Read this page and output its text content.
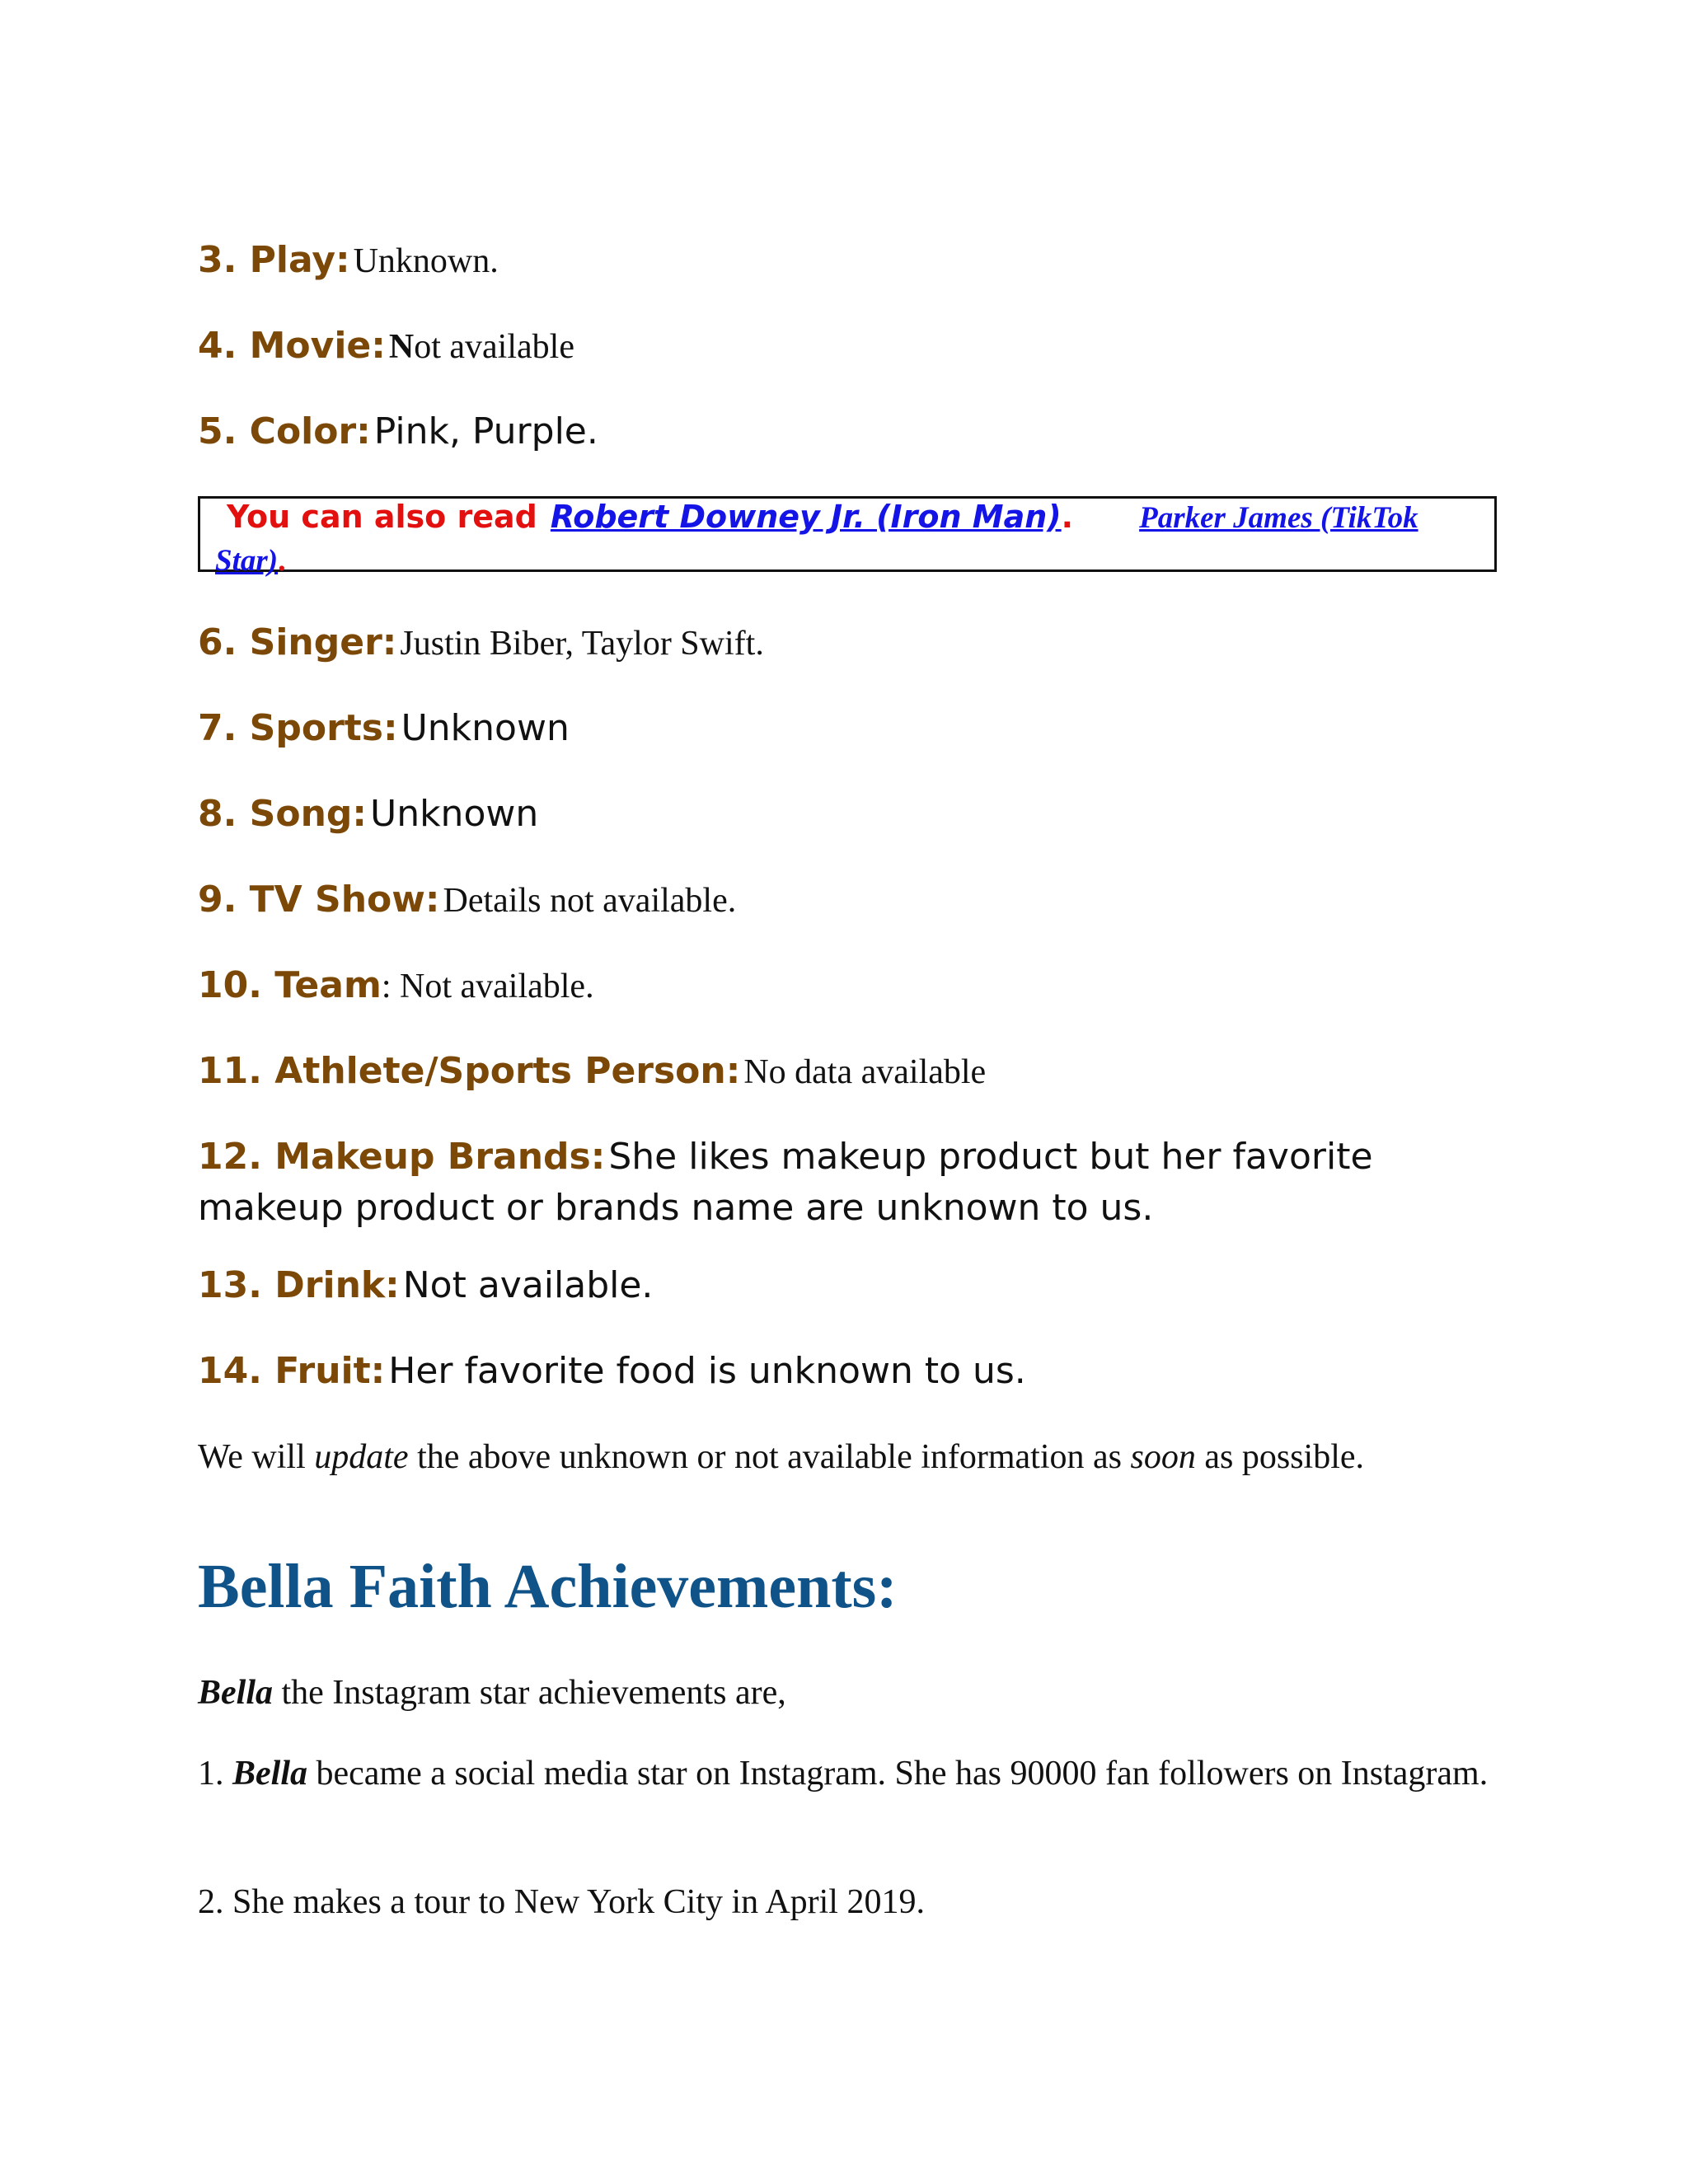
3. Play: Unknown.
4. Movie: Not available
5. Color: Pink, Purple.
You can also read Robert Downey Jr. (Iron Man). Parker James (TikTok Star).
6. Singer: Justin Biber, Taylor Swift.
7. Sports: Unknown
8. Song: Unknown
9. TV Show: Details not available.
10. Team: Not available.
11. Athlete/Sports Person: No data available
12. Makeup Brands: She likes makeup product but her favorite makeup product or brands name are unknown to us.
13. Drink: Not available.
14. Fruit: Her favorite food is unknown to us.
We will update the above unknown or not available information as soon as possible.
Bella Faith Achievements:
Bella the Instagram star achievements are,
1. Bella became a social media star on Instagram. She has 90000 fan followers on Instagram.
2. She makes a tour to New York City in April 2019.
